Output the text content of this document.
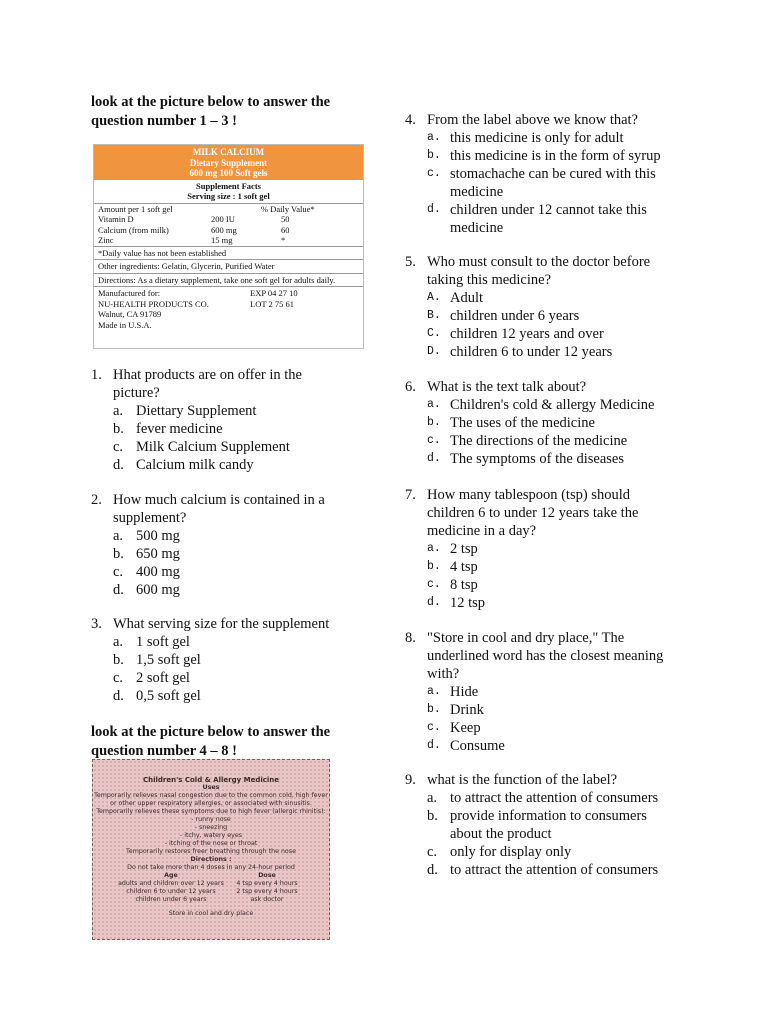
look at the picture below to answer the question number 1 – 3 !

MILK CALCIUM
Dietary Supplement
600 mg 100 Soft gels
Supplement Facts
Serving size : 1 soft gel
Amount per 1 soft gel	% Daily Value*
Vitamin D	200 IU	50
Calcium (from milk)	600 mg	60
Zinc	15 mg	*
*Daily value has not been established
Other ingredients: Gelatin, Glycerin, Purified Water
Directions: As a dietary supplement, take one soft gel for adults daily.
Manufactured for:	EXP 04 27 10
NU-HEALTH PRODUCTS CO.	LOT 2 75 61
Walnut, CA 91789
Made in U.S.A.
1. Hhat products are on offer in the picture?
a. Diettary Supplement
b. fever medicine
c. Milk Calcium Supplement
d. Calcium milk candy
2. How much calcium is contained in a supplement?
a. 500 mg
b. 650 mg
c. 400 mg
d. 600 mg
3. What serving size for the supplement
a. 1 soft gel
b. 1,5 soft gel
c. 2 soft gel
d. 0,5 soft gel

look at the picture below to answer the question number 4 – 8 !

Children's Cold & Allergy Medicine
Uses
Temporarily relieves nasal congestion due to the common cold, high fever
or other upper respiratory allergies, or associated with sinusitis.
Temporarily relieves these symptoms due to high fever (allergic rhinitis):
- runny nose
- sneezing
- itchy, watery eyes
- itching of the nose or throat
Temporarily restores freer breathing through the nose
Directions :
Do not take more than 4 doses in any 24-hour period
Age	Dose
adults and children over 12 years	4 tsp every 4 hours
children 6 to under 12 years	2 tsp every 4 hours
children under 6 years	ask doctor
Store in cool and dry place
4. From the label above we know that?
a. this medicine is only for adult
b. this medicine is in the form of syrup
c. stomachache can be cured with this medicine
d. children under 12 cannot take this medicine
5. Who must consult to the doctor before taking this medicine?
A. Adult
B. children under 6 years
C. children 12 years and over
D. children 6 to under 12 years
6. What is the text talk about?
a. Children's cold & allergy Medicine
b. The uses of the medicine
c. The directions of the medicine
d. The symptoms of the diseases
7. How many tablespoon (tsp) should children 6 to under 12 years take the medicine in a day?
a. 2 tsp
b. 4 tsp
c. 8 tsp
d. 12 tsp
8. "Store in cool and dry place," The underlined word has the closest meaning with?
a. Hide
b. Drink
c. Keep
d. Consume
9. what is the function of the label?
a. to attract the attention of consumers
b. provide information to consumers about the product
c. only for display only
d. to attract the attention of consumers
